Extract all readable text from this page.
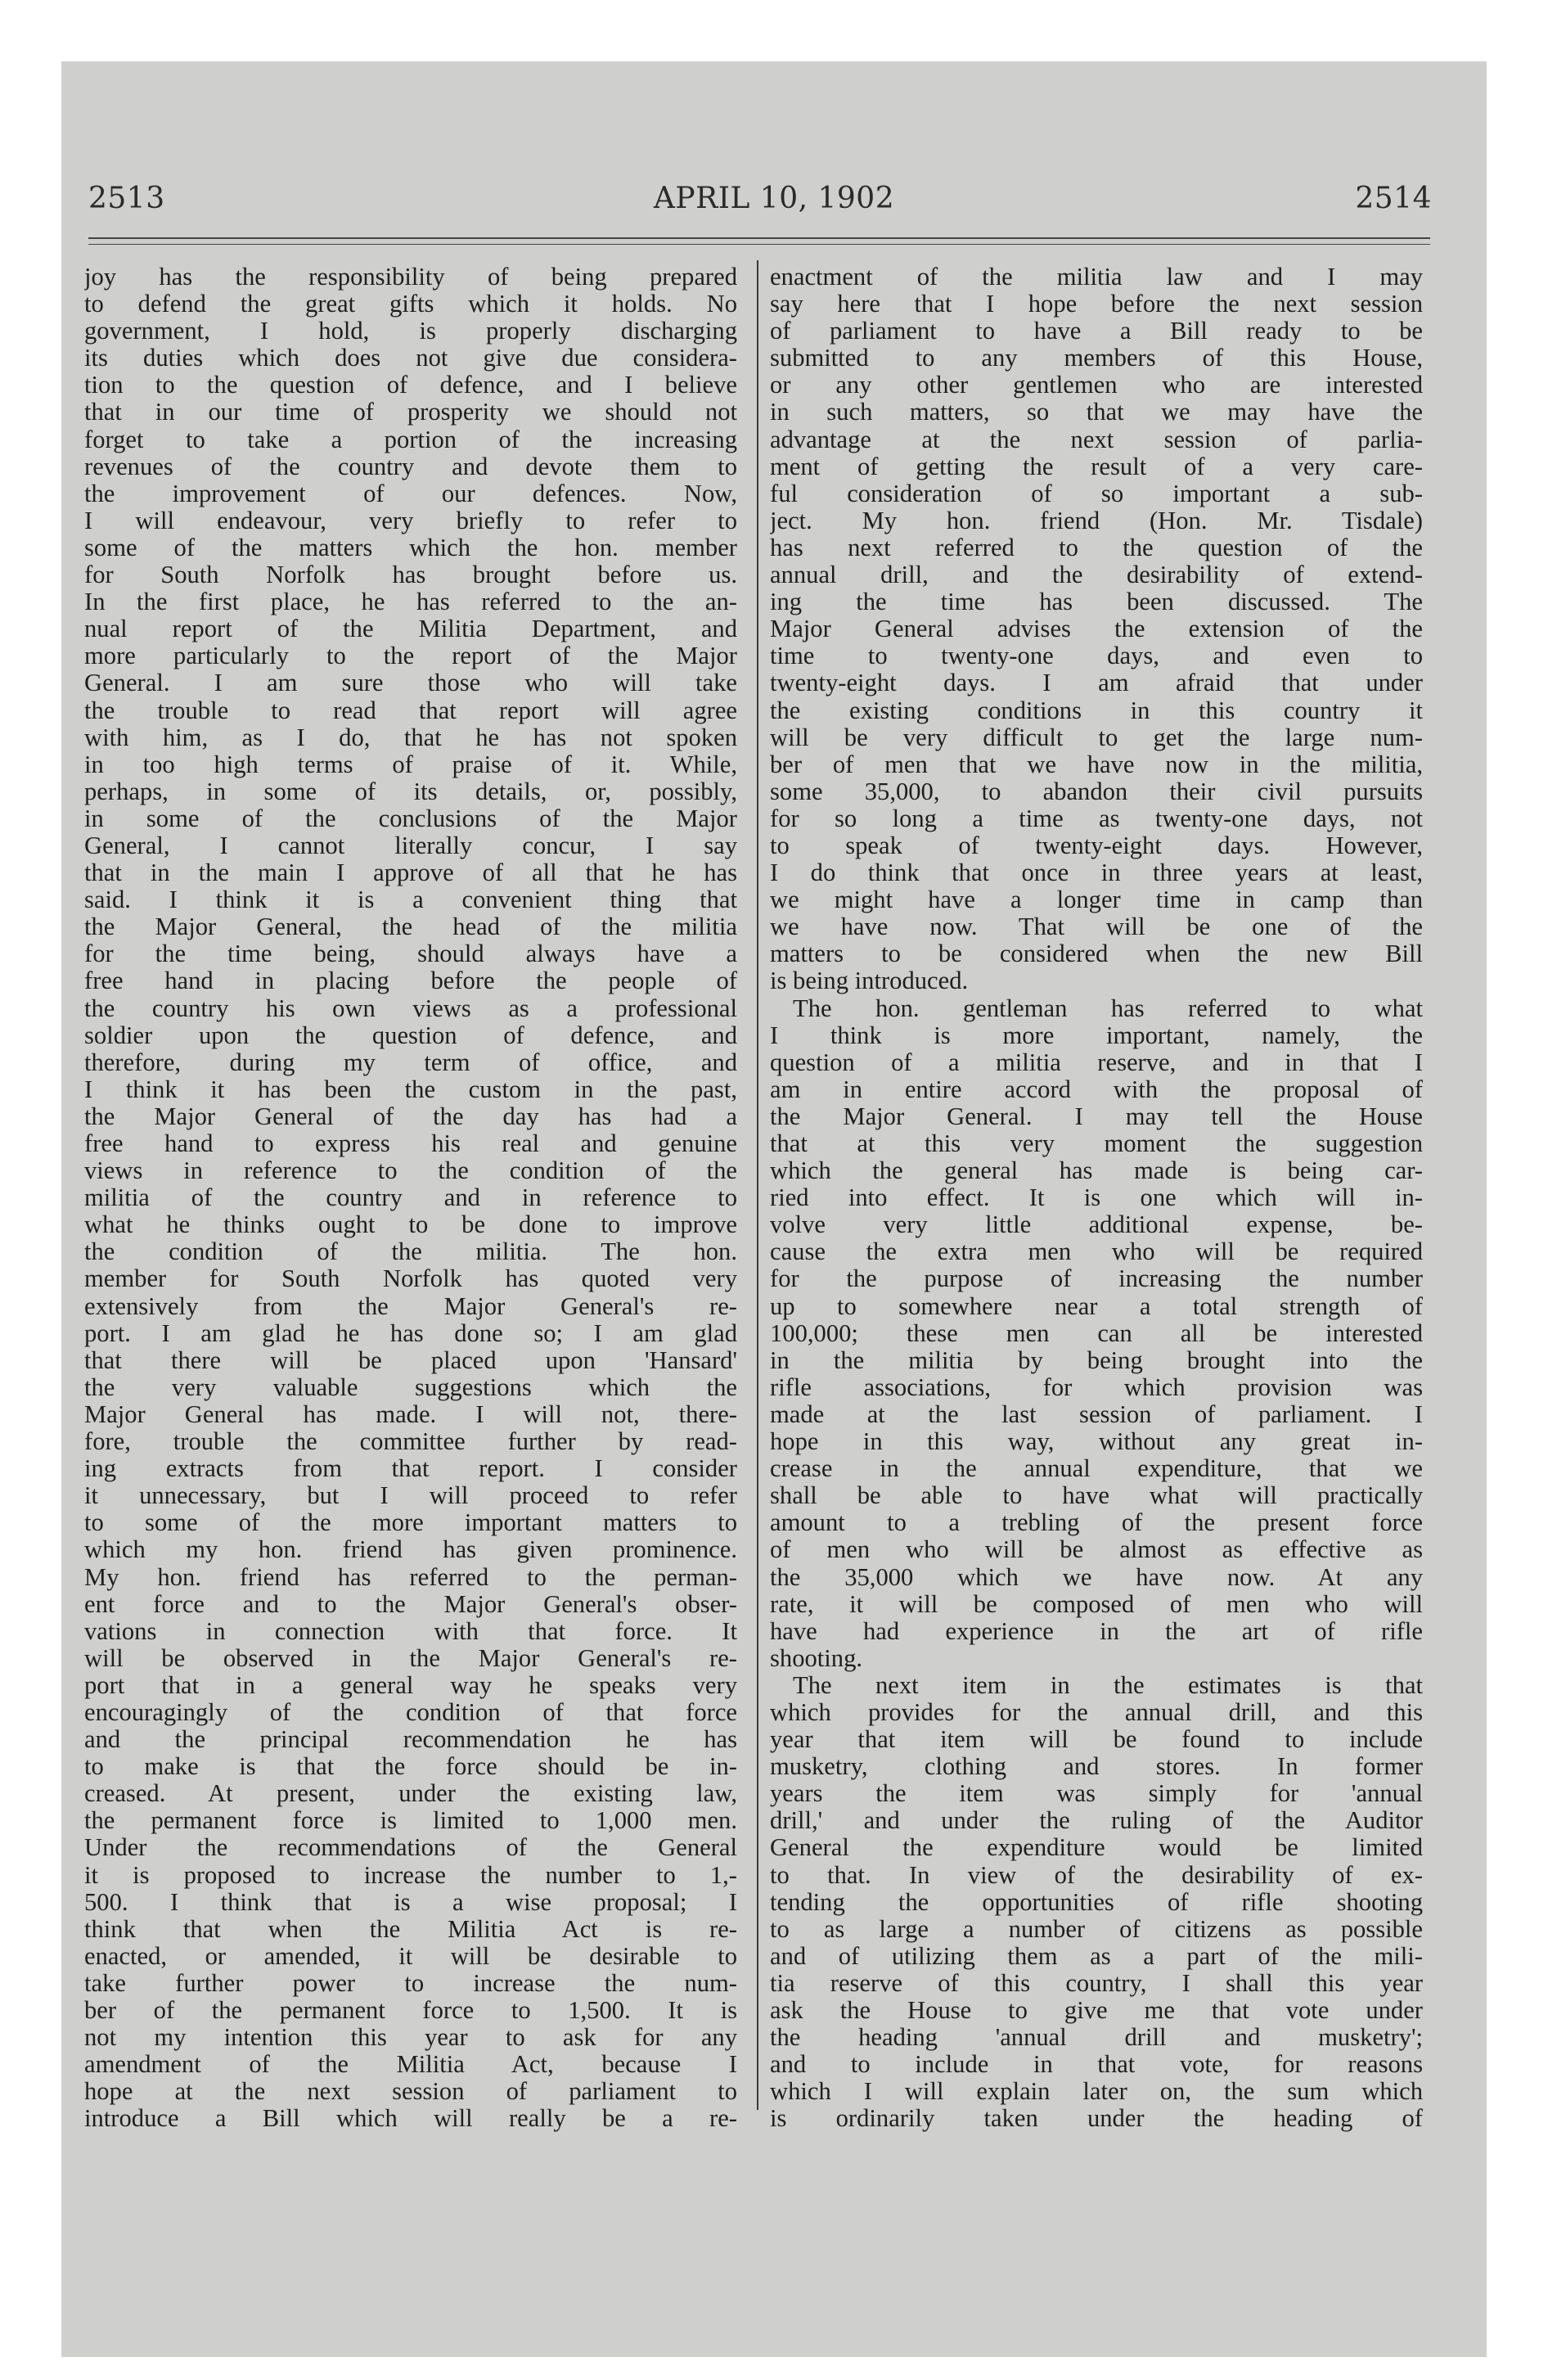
2513	APRIL 10, 1902	2514
joy has the responsibility of being prepared
to defend the great gifts which it holds. No
government, I hold, is properly discharging
its duties which does not give due considera-
tion to the question of defence, and I believe
that in our time of prosperity we should not
forget to take a portion of the increasing
revenues of the country and devote them to
the improvement of our defences. Now,
I will endeavour, very briefly to refer to
some of the matters which the hon. member
for South Norfolk has brought before us.
In the first place, he has referred to the an-
nual report of the Militia Department, and
more particularly to the report of the Major
General. I am sure those who will take
the trouble to read that report will agree
with him, as I do, that he has not spoken
in too high terms of praise of it. While,
perhaps, in some of its details, or, possibly,
in some of the conclusions of the Major
General, I cannot literally concur, I say
that in the main I approve of all that he has
said. I think it is a convenient thing that
the Major General, the head of the militia
for the time being, should always have a
free hand in placing before the people of
the country his own views as a professional
soldier upon the question of defence, and
therefore, during my term of office, and
I think it has been the custom in the past,
the Major General of the day has had a
free hand to express his real and genuine
views in reference to the condition of the
militia of the country and in reference to
what he thinks ought to be done to improve
the condition of the militia. The hon.
member for South Norfolk has quoted very
extensively from the Major General's re-
port. I am glad he has done so; I am glad
that there will be placed upon 'Hansard'
the very valuable suggestions which the
Major General has made. I will not, there-
fore, trouble the committee further by read-
ing extracts from that report. I consider
it unnecessary, but I will proceed to refer
to some of the more important matters to
which my hon. friend has given prominence.
My hon. friend has referred to the perman-
ent force and to the Major General's obser-
vations in connection with that force. It
will be observed in the Major General's re-
port that in a general way he speaks very
encouragingly of the condition of that force
and the principal recommendation he has
to make is that the force should be in-
creased. At present, under the existing law,
the permanent force is limited to 1,000 men.
Under the recommendations of the General
it is proposed to increase the number to 1,-
500. I think that is a wise proposal; I
think that when the Militia Act is re-
enacted, or amended, it will be desirable to
take further power to increase the num-
ber of the permanent force to 1,500. It is
not my intention this year to ask for any
amendment of the Militia Act, because I
hope at the next session of parliament to
introduce a Bill which will really be a re-
enactment of the militia law and I may
say here that I hope before the next session
of parliament to have a Bill ready to be
submitted to any members of this House,
or any other gentlemen who are interested
in such matters, so that we may have the
advantage at the next session of parlia-
ment of getting the result of a very care-
ful consideration of so important a sub-
ject. My hon. friend (Hon. Mr. Tisdale)
has next referred to the question of the
annual drill, and the desirability of extend-
ing the time has been discussed. The
Major General advises the extension of the
time to twenty-one days, and even to
twenty-eight days. I am afraid that under
the existing conditions in this country it
will be very difficult to get the large num-
ber of men that we have now in the militia,
some 35,000, to abandon their civil pursuits
for so long a time as twenty-one days, not
to speak of twenty-eight days. However,
I do think that once in three years at least,
we might have a longer time in camp than
we have now. That will be one of the
matters to be considered when the new Bill
is being introduced.
The hon. gentleman has referred to what
I think is more important, namely, the
question of a militia reserve, and in that I
am in entire accord with the proposal of
the Major General. I may tell the House
that at this very moment the suggestion
which the general has made is being car-
ried into effect. It is one which will in-
volve very little additional expense, be-
cause the extra men who will be required
for the purpose of increasing the number
up to somewhere near a total strength of
100,000; these men can all be interested
in the militia by being brought into the
rifle associations, for which provision was
made at the last session of parliament. I
hope in this way, without any great in-
crease in the annual expenditure, that we
shall be able to have what will practically
amount to a trebling of the present force
of men who will be almost as effective as
the 35,000 which we have now. At any
rate, it will be composed of men who will
have had experience in the art of rifle
shooting.
The next item in the estimates is that
which provides for the annual drill, and this
year that item will be found to include
musketry, clothing and stores. In former
years the item was simply for 'annual
drill,' and under the ruling of the Auditor
General the expenditure would be limited
to that. In view of the desirability of ex-
tending the opportunities of rifle shooting
to as large a number of citizens as possible
and of utilizing them as a part of the mili-
tia reserve of this country, I shall this year
ask the House to give me that vote under
the heading 'annual drill and musketry';
and to include in that vote, for reasons
which I will explain later on, the sum which
is ordinarily taken under the heading of
